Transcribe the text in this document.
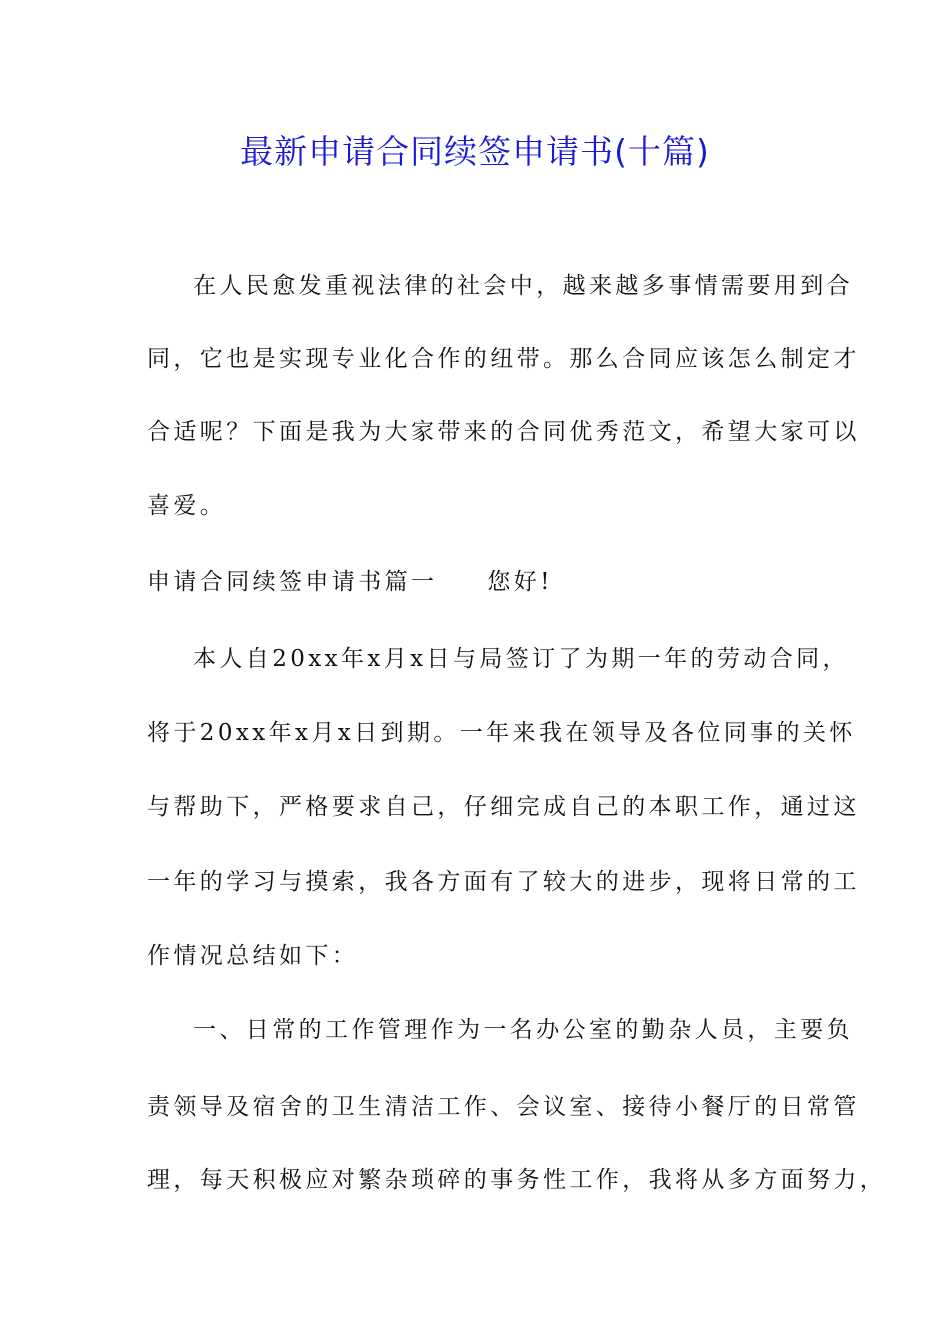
最新申请合同续签申请书(十篇)
在人民愈发重视法律的社会中，越来越多事情需要用到合
同，它也是实现专业化合作的纽带。那么合同应该怎么制定才
合适呢？下面是我为大家带来的合同优秀范文，希望大家可以
喜爱。
申请合同续签申请书篇一 您好!
本人自20xx年x月x日与局签订了为期一年的劳动合同，
将于20xx年x月x日到期。一年来我在领导及各位同事的关怀
与帮助下，严格要求自己，仔细完成自己的本职工作，通过这
一年的学习与摸索，我各方面有了较大的进步，现将日常的工
作情况总结如下：
一、日常的工作管理作为一名办公室的勤杂人员，主要负
责领导及宿舍的卫生清洁工作、会议室、接待小餐厅的日常管
理，每天积极应对繁杂琐碎的事务性工作，我将从多方面努力，
